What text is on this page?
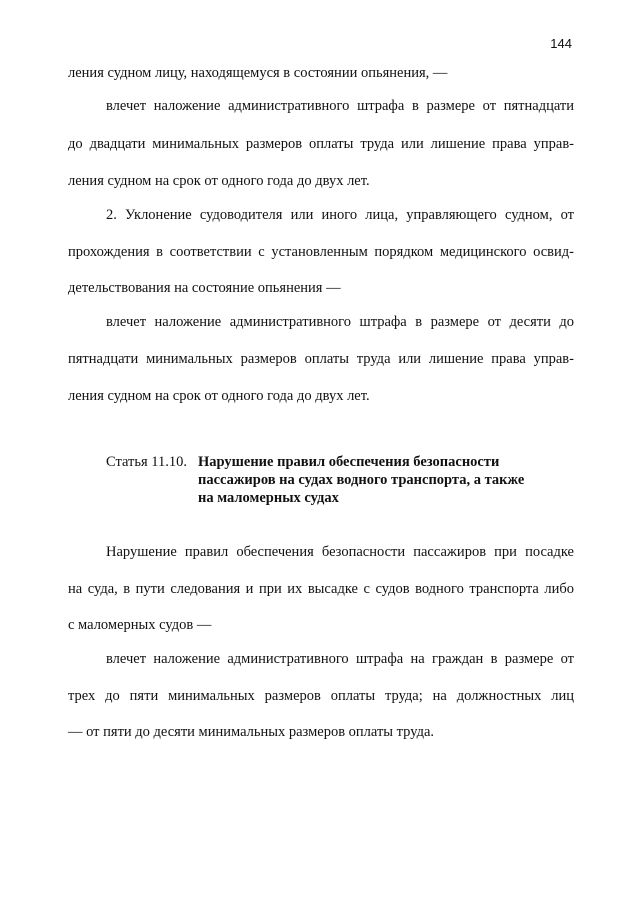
144
ления судном лицу, находящемуся в состоянии опьянения, —
влечет наложение административного штрафа в размере от пятнадцати
до двадцати минимальных размеров оплаты труда или лишение права управ-
ления судном на срок от одного года до двух лет.
2. Уклонение судоводителя или иного лица, управляющего судном, от
прохождения в соответствии с установленным порядком медицинского освид-
детельствования на состояние опьянения —
влечет наложение административного штрафа в размере от десяти до
пятнадцати минимальных размеров оплаты труда или лишение права управ-
ления судном на срок от одного года до двух лет.
Статья 11.10. Нарушение правил обеспечения безопасности
пассажиров на судах водного транспорта, а также
на маломерных судах
Нарушение правил обеспечения безопасности пассажиров при посадке
на суда, в пути следования и при их высадке с судов водного транспорта либо
с маломерных судов —
влечет наложение административного штрафа на граждан в размере от
трех до пяти минимальных размеров оплаты труда; на должностных лиц
— от пяти до десяти минимальных размеров оплаты труда.
